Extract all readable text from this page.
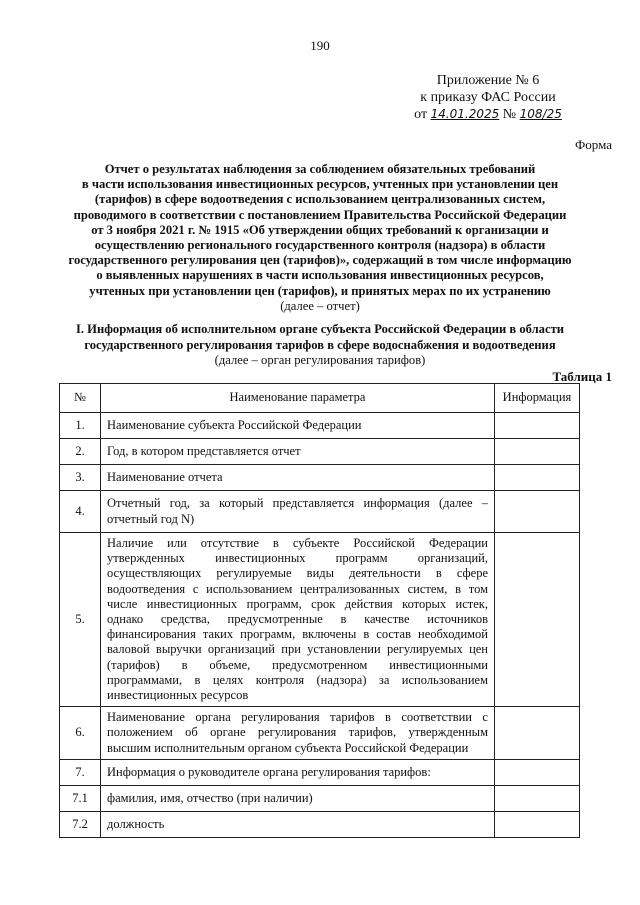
190
Приложение № 6
к приказу ФАС России
от 14.01.2025 № 108/25
Форма
Отчет о результатах наблюдения за соблюдением обязательных требований
в части использования инвестиционных ресурсов, учтенных при установлении цен
(тарифов) в сфере водоотведения с использованием централизованных систем,
проводимого в соответствии с постановлением Правительства Российской Федерации
от 3 ноября 2021 г. № 1915 «Об утверждении общих требований к организации и
осуществлению регионального государственного контроля (надзора) в области
государственного регулирования цен (тарифов)», содержащий в том числе информацию
о выявленных нарушениях в части использования инвестиционных ресурсов,
учтенных при установлении цен (тарифов), и принятых мерах по их устранению
(далее – отчет)
I. Информация об исполнительном органе субъекта Российской Федерации в области
государственного регулирования тарифов в сфере водоснабжения и водоотведения
(далее – орган регулирования тарифов)
Таблица 1
№	Наименование параметра	Информация
1.	Наименование субъекта Российской Федерации	
2.	Год, в котором представляется отчет	
3.	Наименование отчета	
4.	Отчетный год, за который представляется информация (далее – отчетный год N)	
5.	Наличие или отсутствие в субъекте Российской Федерации утвержденных инвестиционных программ организаций, осуществляющих регулируемые виды деятельности в сфере водоотведения с использованием централизованных систем, в том числе инвестиционных программ, срок действия которых истек, однако средства, предусмотренные в качестве источников финансирования таких программ, включены в состав необходимой валовой выручки организаций при установлении регулируемых цен (тарифов) в объеме, предусмотренном инвестиционными программами, в целях контроля (надзора) за использованием инвестиционных ресурсов	
6.	Наименование органа регулирования тарифов в соответствии с положением об органе регулирования тарифов, утвержденным высшим исполнительным органом субъекта Российской Федерации	
7.	Информация о руководителе органа регулирования тарифов:	
7.1	фамилия, имя, отчество (при наличии)	
7.2	должность	
